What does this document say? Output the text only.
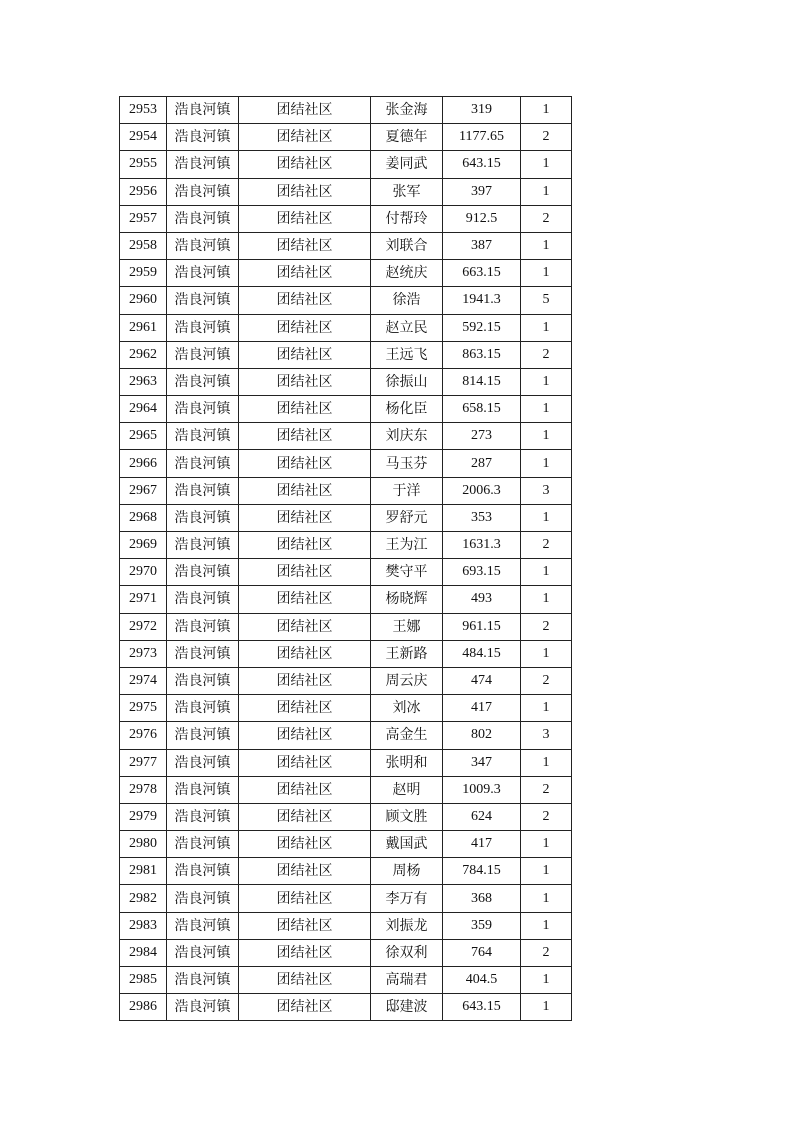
2953	浩良河镇	团结社区	张金海	319	1
2954	浩良河镇	团结社区	夏德年	1177.65	2
2955	浩良河镇	团结社区	姜同武	643.15	1
2956	浩良河镇	团结社区	张军	397	1
2957	浩良河镇	团结社区	付帮玲	912.5	2
2958	浩良河镇	团结社区	刘联合	387	1
2959	浩良河镇	团结社区	赵统庆	663.15	1
2960	浩良河镇	团结社区	徐浩	1941.3	5
2961	浩良河镇	团结社区	赵立民	592.15	1
2962	浩良河镇	团结社区	王远飞	863.15	2
2963	浩良河镇	团结社区	徐振山	814.15	1
2964	浩良河镇	团结社区	杨化臣	658.15	1
2965	浩良河镇	团结社区	刘庆东	273	1
2966	浩良河镇	团结社区	马玉芬	287	1
2967	浩良河镇	团结社区	于洋	2006.3	3
2968	浩良河镇	团结社区	罗舒元	353	1
2969	浩良河镇	团结社区	王为江	1631.3	2
2970	浩良河镇	团结社区	樊守平	693.15	1
2971	浩良河镇	团结社区	杨晓辉	493	1
2972	浩良河镇	团结社区	王娜	961.15	2
2973	浩良河镇	团结社区	王新路	484.15	1
2974	浩良河镇	团结社区	周云庆	474	2
2975	浩良河镇	团结社区	刘冰	417	1
2976	浩良河镇	团结社区	高金生	802	3
2977	浩良河镇	团结社区	张明和	347	1
2978	浩良河镇	团结社区	赵明	1009.3	2
2979	浩良河镇	团结社区	顾文胜	624	2
2980	浩良河镇	团结社区	戴国武	417	1
2981	浩良河镇	团结社区	周杨	784.15	1
2982	浩良河镇	团结社区	李万有	368	1
2983	浩良河镇	团结社区	刘振龙	359	1
2984	浩良河镇	团结社区	徐双利	764	2
2985	浩良河镇	团结社区	高瑞君	404.5	1
2986	浩良河镇	团结社区	邸建波	643.15	1
